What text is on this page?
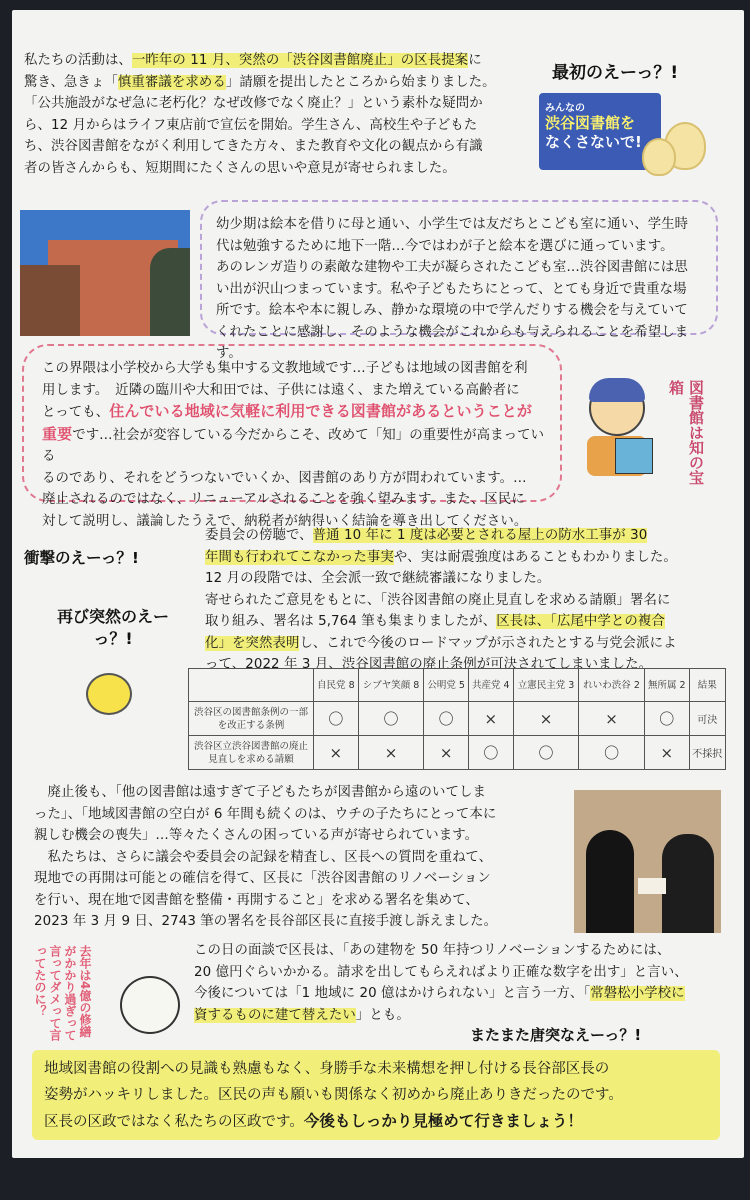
私たちの活動は、一昨年の 11 月、突然の「渋谷図書館廃止」の区長提案に
驚き、急きょ「慎重審議を求める」請願を提出したところから始まりました。
「公共施設がなぜ急に老朽化？なぜ改修でなく廃止？」という素朴な疑問か
ら、12 月からはライフ東店前で宣伝を開始。学生さん、高校生や子どもた
ち、渋谷図書館をながく利用してきた方々、また教育や文化の観点から有識
者の皆さんからも、短期間にたくさんの思いや意見が寄せられました。
最初のえーっ？!
みんなの
渋谷図書館を
なくさないで!
幼少期は絵本を借りに母と通い、小学生では友だちとこども室に通い、学生時
代は勉強するために地下一階…今ではわが子と絵本を選びに通っています。
あのレンガ造りの素敵な建物や工夫が凝らされたこども室…渋谷図書館には思
い出が沢山つまっています。私や子どもたちにとって、とても身近で貴重な場
所です。絵本や本に親しみ、静かな環境の中で学んだりする機会を与えていて
くれたことに感謝し、そのような機会がこれからも与えられることを希望します。
この界隈は小学校から大学も集中する文教地域です…子どもは地域の図書館を利
用します。　近隣の臨川や大和田では、子供には遠く、また増えている高齢者に
とっても、住んでいる地域に気軽に利用できる図書館があるということが
重要です…社会が変容している今だからこそ、改めて「知」の重要性が高まっている
るのであり、それをどうつないでいくか、図書館のあり方が問われています。…
廃止されるのではなく、リニューアルされることを強く望みます。また、区民に
対して説明し、議論したうえで、納税者が納得いく結論を導き出してください。
図書館は知の宝箱
衝撃のえーっ？!
再び突然のえーっ？!
委員会の傍聴で、普通 10 年に 1 度は必要とされる屋上の防水工事が 30
年間も行われてこなかった事実や、実は耐震強度はあることもわかりました。
12 月の段階では、全会派一致で継続審議になりました。
寄せられたご意見をもとに、「渋谷図書館の廃止見直しを求める請願」署名に
取り組み、署名は 5,764 筆も集まりましたが、区長は、「広尾中学との複合
化」を突然表明し、これで今後のロードマップが示されたとする与党会派によ
って、2022 年 3 月、渋谷図書館の廃止条例が可決されてしまいました。
	自民党 8	シブヤ笑顔 8	公明党 5	共産党 4	立憲民主党 3	れいわ渋谷 2	無所属 2	結果
渋谷区の図書館条例の一部を改正する条例	〇	〇	〇	×	×	×	〇	可決
渋谷区立渋谷図書館の廃止見直しを求める請願	×	×	×	〇	〇	〇	×	不採択
　廃止後も、「他の図書館は遠すぎて子どもたちが図書館から遠のいてしま
った」、「地域図書館の空白が 6 年間も続くのは、ウチの子たちにとって本に
親しむ機会の喪失」…等々たくさんの困っている声が寄せられています。
　私たちは、さらに議会や委員会の記録を精査し、区長への質問を重ねて、
現地での再開は可能との確信を得て、区長に「渋谷図書館のリノベーション
を行い、現在地で図書館を整備・再開すること」を求める署名を集めて、
2023 年 3 月 9 日、2743 筆の署名を長谷部区長に直接手渡し訴えました。
去年は4億の修繕がかかり過ぎって言ってダメって言ってたのに？	この日の面談で区長は、「あの建物を 50 年持つリノベーションするためには、
20 億円ぐらいかかる。請求を出してもらえればより正確な数字を出す」と言い、
今後については「1 地域に 20 億はかけられない」と言う一方、「常磐松小学校に
資するものに建て替えたい」とも。
またまた唐突なえーっ？!
地域図書館の役割への見識も熟慮もなく、身勝手な未来構想を押し付ける長谷部区長の
姿勢がハッキリしました。区民の声も願いも関係なく初めから廃止ありきだったのです。
区長の区政ではなく私たちの区政です。今後もしっかり見極めて行きましょう！
